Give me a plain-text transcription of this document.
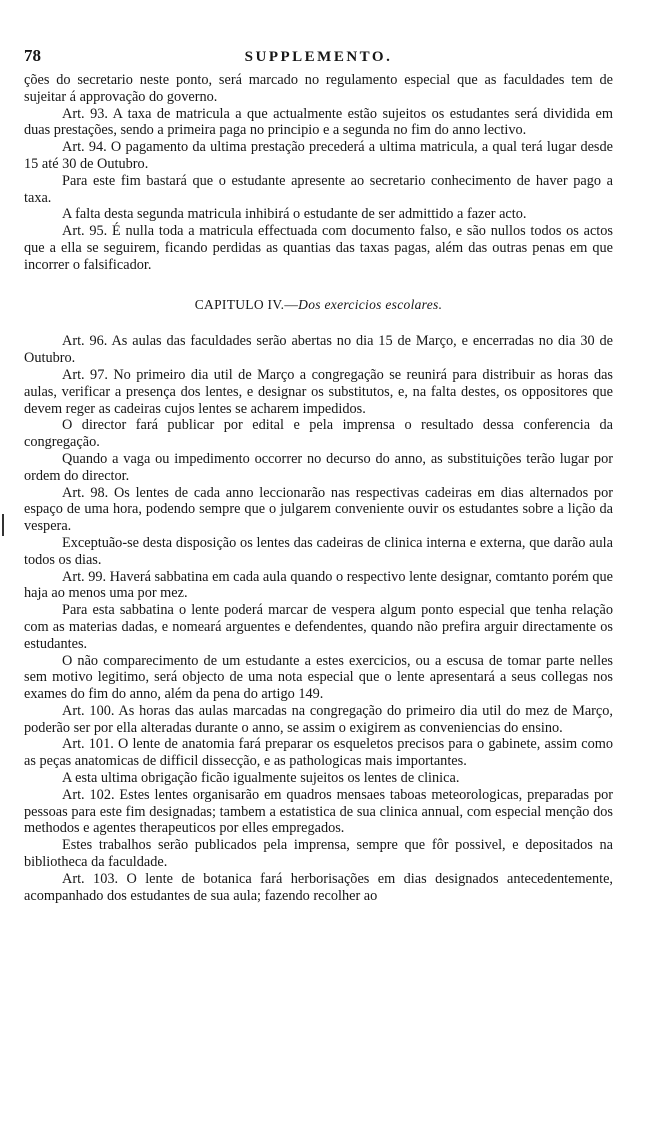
78	SUPPLEMENTO.

ções do secretario neste ponto, será marcado no regulamento especial que as faculdades tem de sujeitar á approvação do governo.

Art. 93. A taxa de matricula a que actualmente estão sujeitos os estudantes será dividida em duas prestações, sendo a primeira paga no principio e a segunda no fim do anno lectivo.

Art. 94. O pagamento da ultima prestação precederá a ultima matricula, a qual terá lugar desde 15 até 30 de Outubro.

Para este fim bastará que o estudante apresente ao secretario conhecimento de haver pago a taxa.

A falta desta segunda matricula inhibirá o estudante de ser admittido a fazer acto.

Art. 95. É nulla toda a matricula effectuada com documento falso, e são nullos todos os actos que a ella se seguirem, ficando perdidas as quantias das taxas pagas, além das outras penas em que incorrer o falsificador.

CAPITULO IV.—Dos exercicios escolares.

Art. 96. As aulas das faculdades serão abertas no dia 15 de Março, e encerradas no dia 30 de Outubro.

Art. 97. No primeiro dia util de Março a congregação se reunirá para distribuir as horas das aulas, verificar a presença dos lentes, e designar os substitutos, e, na falta destes, os oppositores que devem reger as cadeiras cujos lentes se acharem impedidos.

O director fará publicar por edital e pela imprensa o resultado dessa conferencia da congregação.

Quando a vaga ou impedimento occorrer no decurso do anno, as substituições terão lugar por ordem do director.

Art. 98. Os lentes de cada anno leccionarão nas respectivas cadeiras em dias alternados por espaço de uma hora, podendo sempre que o julgarem conveniente ouvir os estudantes sobre a lição da vespera.

Exceptuão-se desta disposição os lentes das cadeiras de clinica interna e externa, que darão aula todos os dias.

Art. 99. Haverá sabbatina em cada aula quando o respectivo lente designar, comtanto porém que haja ao menos uma por mez.

Para esta sabbatina o lente poderá marcar de vespera algum ponto especial que tenha relação com as materias dadas, e nomeará arguentes e defendentes, quando não prefira arguir directamente os estudantes.

O não comparecimento de um estudante a estes exercicios, ou a escusa de tomar parte nelles sem motivo legitimo, será objecto de uma nota especial que o lente apresentará a seus collegas nos exames do fim do anno, além da pena do artigo 149.

Art. 100. As horas das aulas marcadas na congregação do primeiro dia util do mez de Março, poderão ser por ella alteradas durante o anno, se assim o exigirem as conveniencias do ensino.

Art. 101. O lente de anatomia fará preparar os esqueletos precisos para o gabinete, assim como as peças anatomicas de difficil dissecção, e as pathologicas mais importantes.

A esta ultima obrigação ficão igualmente sujeitos os lentes de clinica.

Art. 102. Estes lentes organisarão em quadros mensaes taboas meteorologicas, preparadas por pessoas para este fim designadas; tambem a estatistica de sua clinica annual, com especial menção dos methodos e agentes therapeuticos por elles empregados.

Estes trabalhos serão publicados pela imprensa, sempre que fôr possivel, e depositados na bibliotheca da faculdade.

Art. 103. O lente de botanica fará herborisações em dias designados antecedentemente, acompanhado dos estudantes de sua aula; fazendo recolher ao
